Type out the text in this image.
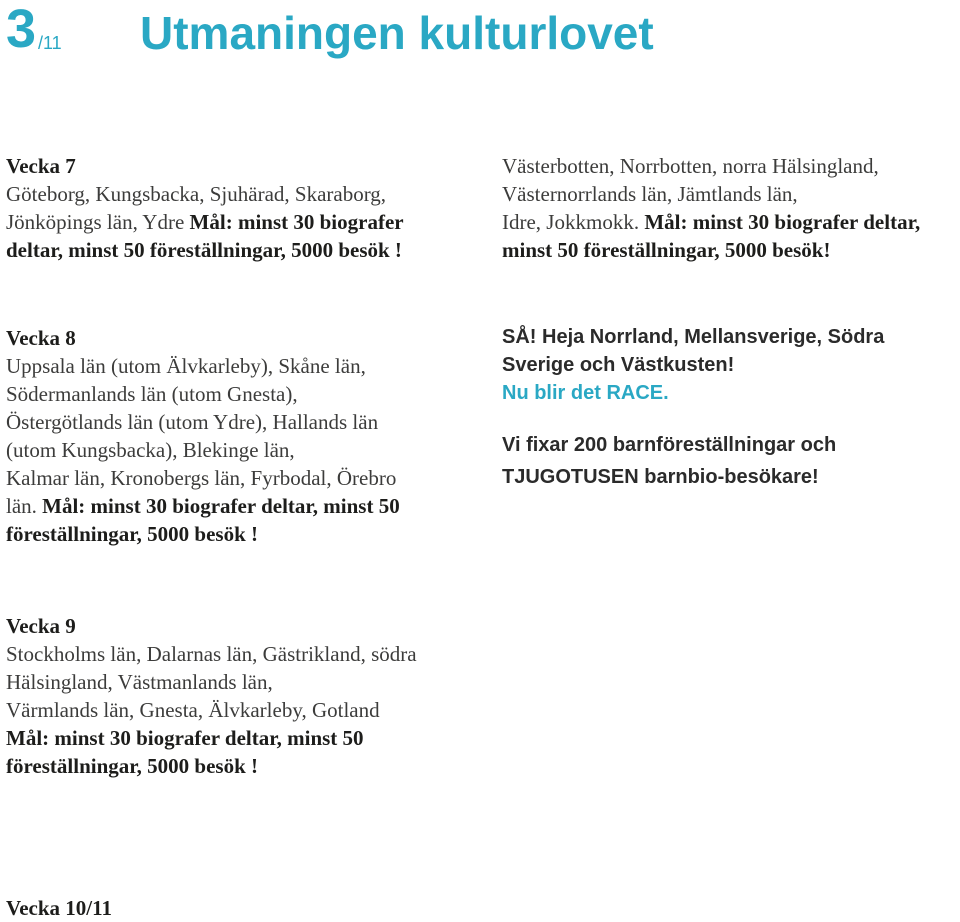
3 /11 Utmaningen kulturlovet
Vecka 7
Göteborg, Kungsbacka, Sjuhärad, Skaraborg,
Jönköpings län, Ydre Mål: minst 30 biografer
deltar, minst 50 föreställningar, 5000 besök !
Västerbotten, Norrbotten, norra Hälsingland,
Västernorrlands län, Jämtlands län,
Idre, Jokkmokk. Mål: minst 30 biografer deltar,
minst 50 föreställningar, 5000 besök!
Vecka 8
Uppsala län (utom Älvkarleby), Skåne län,
Södermanlands län (utom Gnesta),
Östergötlands län (utom Ydre), Hallands län
(utom Kungsbacka), Blekinge län,
Kalmar län, Kronobergs län, Fyrbodal, Örebro
län. Mål: minst 30 biografer deltar, minst 50
föreställningar, 5000 besök !
SÅ! Heja Norrland, Mellansverige, Södra
Sverige och Västkusten!
Nu blir det RACE.
Vi fixar 200 barnföreställningar och
TJUGOTUSEN barnbio-besökare!
Vecka 9
Stockholms län, Dalarnas län, Gästrikland, södra
Hälsingland, Västmanlands län,
Värmlands län, Gnesta, Älvkarleby, Gotland
Mål: minst 30 biografer deltar, minst 50
föreställningar, 5000 besök !
Vecka 10/11
